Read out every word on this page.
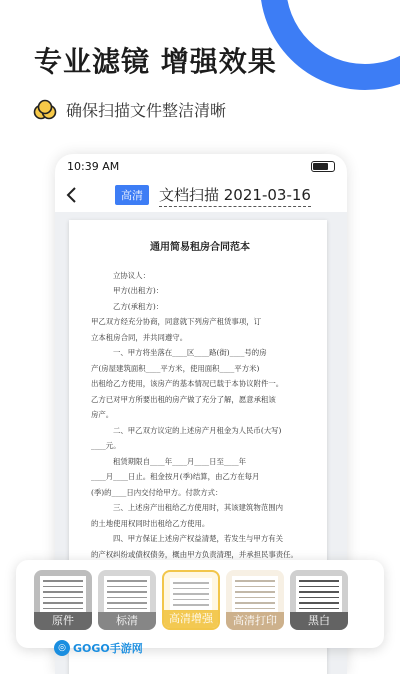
专业滤镜 增强效果
确保扫描文件整洁清晰
10:39 AM
高清	文档扫描 2021-03-16
通用简易租房合同范本

立协议人：

甲方(出租方)：

乙方(承租方)：

甲乙双方经充分协商，同意就下列房产租赁事项，订

立本租房合同，并共同遵守。

一、甲方将坐落在____区____路(街)____号的房

产(房屋建筑面积____平方米，使用面积____平方米)

出租给乙方使用，该房产的基本情况已载于本协议附件一。

乙方已对甲方所要出租的房产做了充分了解，愿意承租该

房产。

二、甲乙双方议定的上述房产月租金为人民币(大写)

____元。

租赁期限自____年____月____日至____年

____月____日止。租金按月(季)结算，由乙方在每月

(季)的____日内交付给甲方。付款方式：

三、上述房产出租给乙方使用时，其该建筑物范围内

的土地使用权同时出租给乙方使用。

四、甲方保证上述房产权益清楚，若发生与甲方有关

的产权纠纷或债权债务，概由甲方负责清理，并承担民事责任。

原件	标清	高清增强	高清打印	黑白
◎ GOGO手游网
